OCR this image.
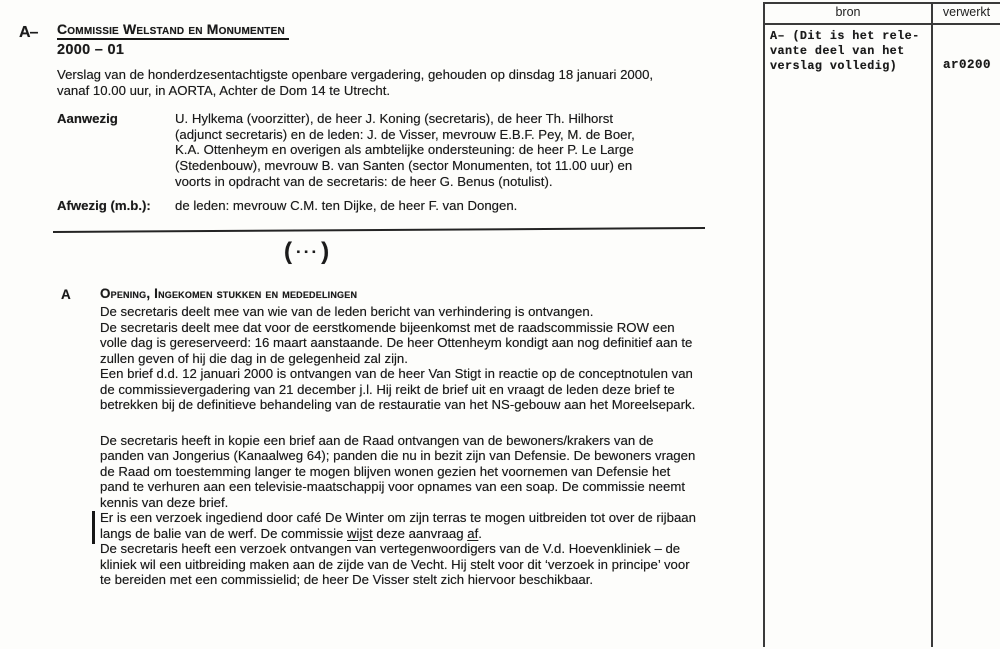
A– Commissie Welstand en Monumenten
2000 – 01
Verslag van de honderdzesentachtigste openbare vergadering, gehouden op dinsdag 18 januari 2000,
vanaf 10.00 uur, in AORTA, Achter de Dom 14 te Utrecht.
Aanwezig	U. Hylkema (voorzitter), de heer J. Koning (secretaris), de heer Th. Hilhorst
(adjunct secretaris) en de leden: J. de Visser, mevrouw E.B.F. Pey, M. de Boer,
K.A. Ottenheym en overigen als ambtelijke ondersteuning: de heer P. Le Large
(Stedenbouw), mevrouw B. van Santen (sector Monumenten, tot 11.00 uur) en
voorts in opdracht van de secretaris: de heer G. Benus (notulist).
Afwezig (m.b.):	de leden: mevrouw C.M. ten Dijke, de heer F. van Dongen.
( ... )
A Opening, Ingekomen stukken en mededelingen
De secretaris deelt mee van wie van de leden bericht van verhindering is ontvangen.
De secretaris deelt mee dat voor de eerstkomende bijeenkomst met de raadscommissie ROW een
volle dag is gereserveerd: 16 maart aanstaande. De heer Ottenheym kondigt aan nog definitief aan te
zullen geven of hij die dag in de gelegenheid zal zijn.
Een brief d.d. 12 januari 2000 is ontvangen van de heer Van Stigt in reactie op de conceptnotulen van
de commissievergadering van 21 december j.l. Hij reikt de brief uit en vraagt de leden deze brief te
betrekken bij de definitieve behandeling van de restauratie van het NS-gebouw aan het Moreelsepark.
De secretaris heeft in kopie een brief aan de Raad ontvangen van de bewoners/krakers van de
panden van Jongerius (Kanaalweg 64); panden die nu in bezit zijn van Defensie. De bewoners vragen
de Raad om toestemming langer te mogen blijven wonen gezien het voornemen van Defensie het
pand te verhuren aan een televisie-maatschappij voor opnames van een soap. De commissie neemt
kennis van deze brief.
Er is een verzoek ingediend door café De Winter om zijn terras te mogen uitbreiden tot over de rijbaan
langs de balie van de werf. De commissie wijst deze aanvraag af.
De secretaris heeft een verzoek ontvangen van vertegenwoordigers van de V.d. Hoevenkliniek – de
kliniek wil een uitbreiding maken aan de zijde van de Vecht. Hij stelt voor dit ‘verzoek in principe’ voor
te bereiden met een commissielid; de heer De Visser stelt zich hiervoor beschikbaar.
bron	verwerkt
A– (Dit is het rele-
vante deel van het
verslag volledig)	ar0200
